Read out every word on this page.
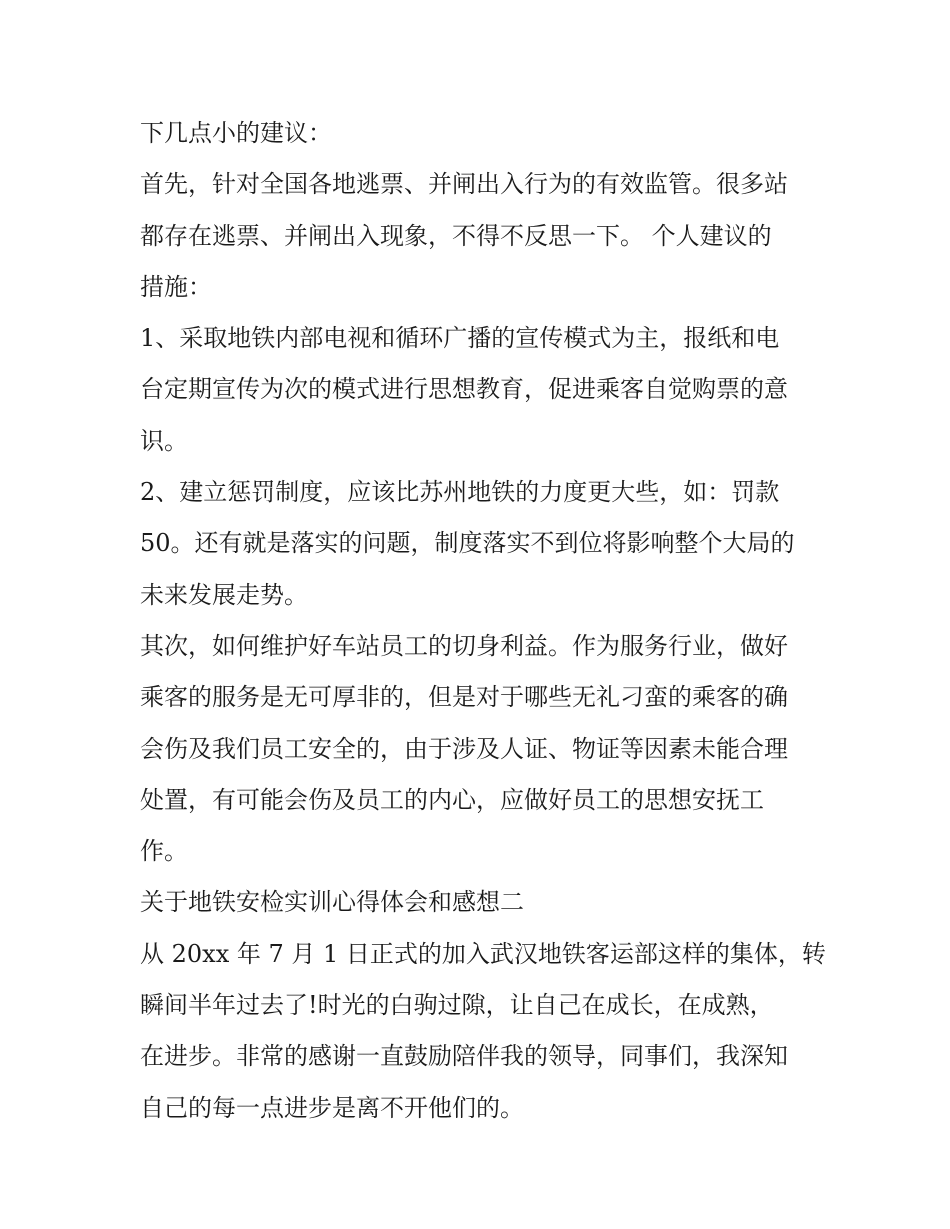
下几点小的建议：
首先，针对全国各地逃票、并闸出入行为的有效监管。很多站
都存在逃票、并闸出入现象，不得不反思一下。 个人建议的
措施：
1、采取地铁内部电视和循环广播的宣传模式为主，报纸和电
台定期宣传为次的模式进行思想教育，促进乘客自觉购票的意
识。
2、建立惩罚制度，应该比苏州地铁的力度更大些，如：罚款
50。还有就是落实的问题，制度落实不到位将影响整个大局的
未来发展走势。
其次，如何维护好车站员工的切身利益。作为服务行业，做好
乘客的服务是无可厚非的，但是对于哪些无礼刁蛮的乘客的确
会伤及我们员工安全的，由于涉及人证、物证等因素未能合理
处置，有可能会伤及员工的内心，应做好员工的思想安抚工
作。
关于地铁安检实训心得体会和感想二
从 20xx 年 7 月 1 日正式的加入武汉地铁客运部这样的集体，转
瞬间半年过去了!时光的白驹过隙，让自己在成长，在成熟，
在进步。非常的感谢一直鼓励陪伴我的领导，同事们，我深知
自己的每一点进步是离不开他们的。
